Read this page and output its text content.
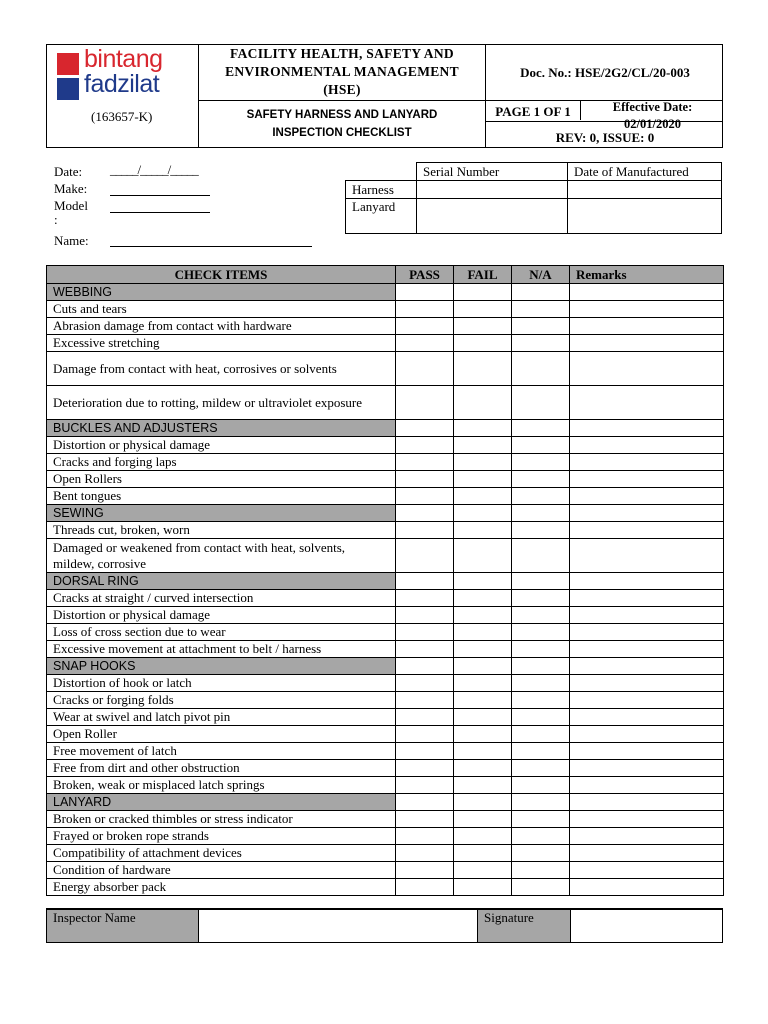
bintang
fadzilat
(163657-K)
FACILITY HEALTH, SAFETY AND
ENVIRONMENTAL MANAGEMENT
(HSE)
SAFETY HARNESS AND LANYARD
INSPECTION CHECKLIST
Doc. No.: HSE/2G2/CL/20-003
PAGE 1 OF 1	Effective Date:
02/01/2020
REV: 0, ISSUE: 0
Date: _____/_____/_____
Make:
Model
:
Name:
	Serial Number	Date of Manufactured
Harness		
Lanyard		
CHECK ITEMS	PASS	FAIL	N/A	Remarks
WEBBING				
Cuts and tears				
Abrasion damage from contact with hardware				
Excessive stretching				
Damage from contact with heat, corrosives or solvents				
Deterioration due to rotting, mildew or ultraviolet exposure				
BUCKLES AND ADJUSTERS				
Distortion or physical damage				
Cracks and forging laps				
Open Rollers				
Bent tongues				
SEWING				
Threads cut, broken, worn				
Damaged or weakened from contact with heat, solvents, mildew, corrosive				
DORSAL RING				
Cracks at straight / curved intersection				
Distortion or physical damage				
Loss of cross section due to wear				
Excessive movement at attachment to belt / harness				
SNAP HOOKS				
Distortion of hook or latch				
Cracks or forging folds				
Wear at swivel and latch pivot pin				
Open Roller				
Free movement of latch				
Free from dirt and other obstruction				
Broken, weak or misplaced latch springs				
LANYARD				
Broken or cracked thimbles or stress indicator				
Frayed or broken rope strands				
Compatibility of attachment devices				
Condition of hardware				
Energy absorber pack				
Inspector Name		Signature	
